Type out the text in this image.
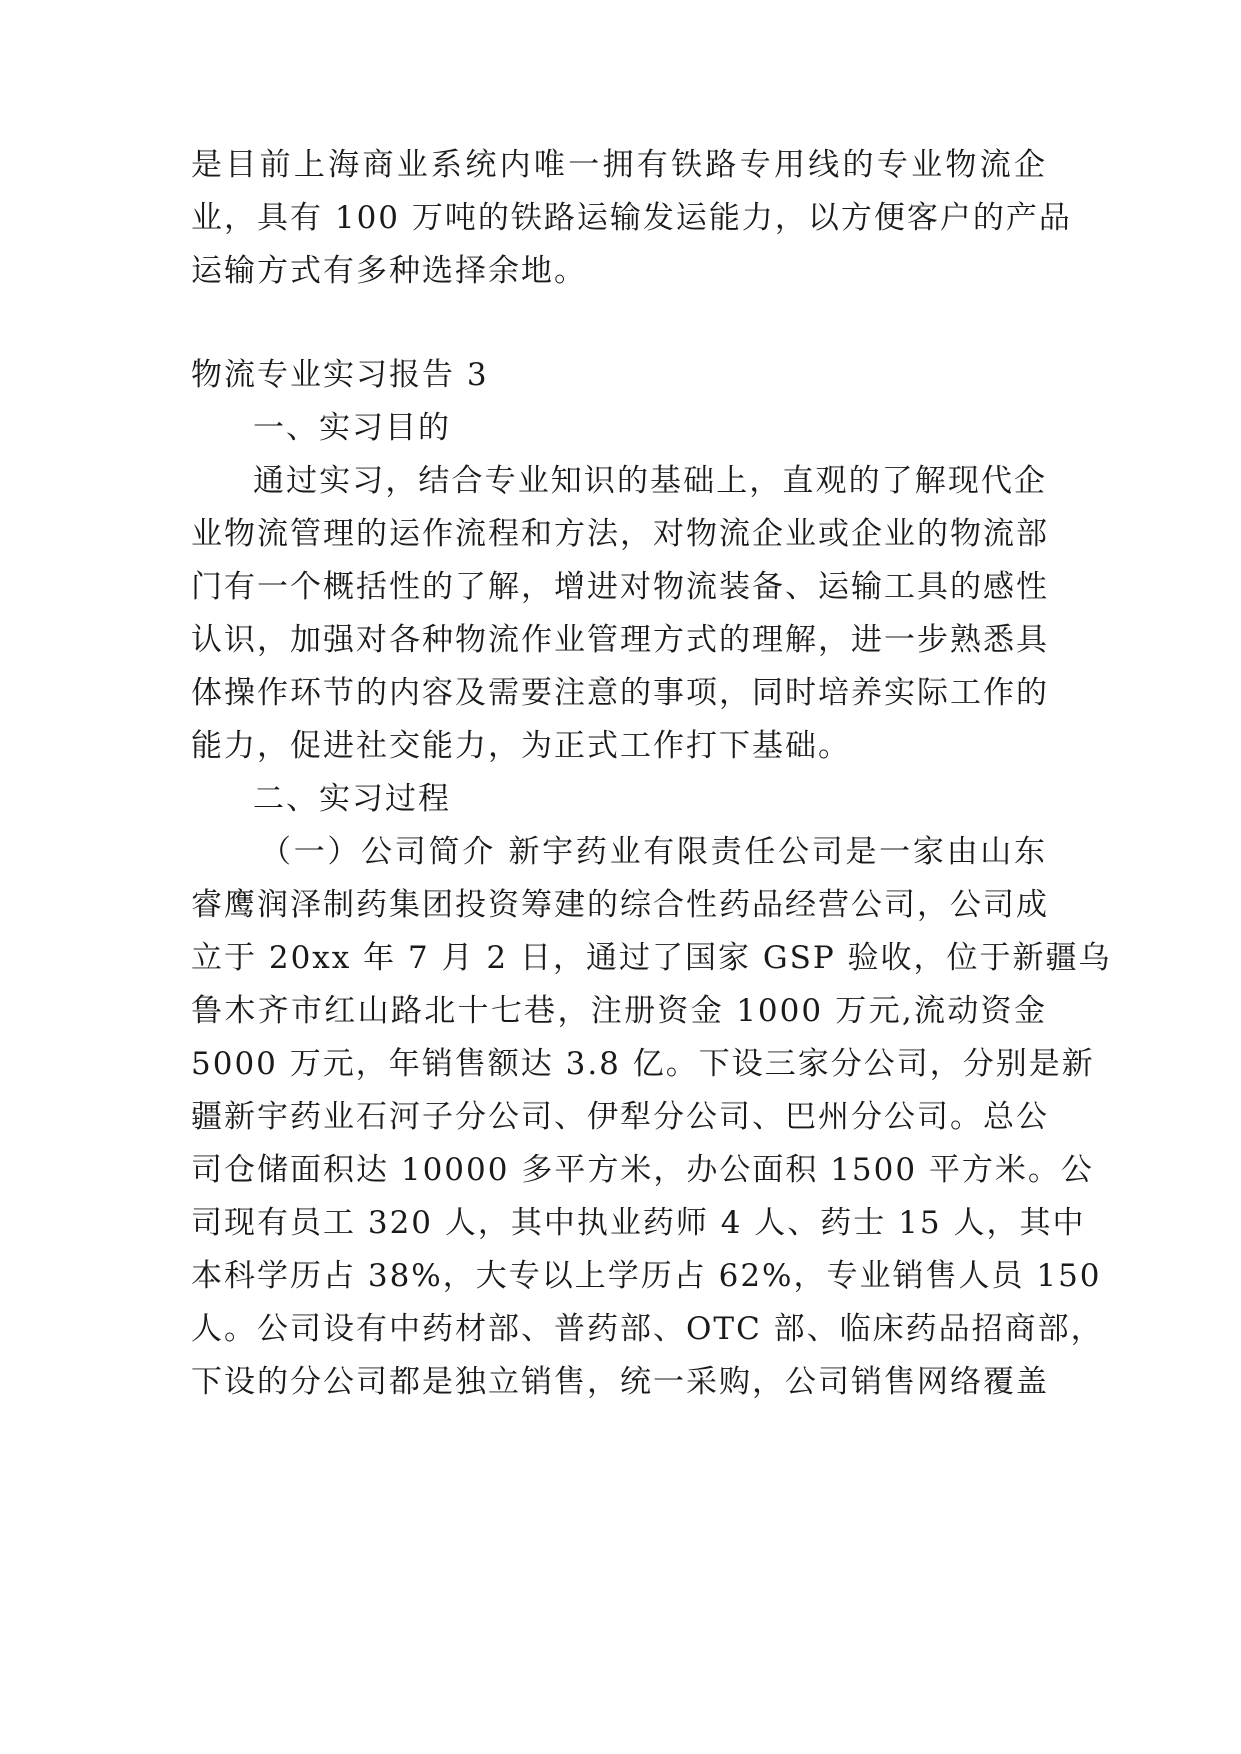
是目前上海商业系统内唯一拥有铁路专用线的专业物流企
业，具有 100 万吨的铁路运输发运能力，以方便客户的产品
运输方式有多种选择余地。
物流专业实习报告 3
一、实习目的
通过实习，结合专业知识的基础上，直观的了解现代企
业物流管理的运作流程和方法，对物流企业或企业的物流部
门有一个概括性的了解，增进对物流装备、运输工具的感性
认识，加强对各种物流作业管理方式的理解，进一步熟悉具
体操作环节的内容及需要注意的事项，同时培养实际工作的
能力，促进社交能力，为正式工作打下基础。
二、实习过程
（一）公司简介 新宇药业有限责任公司是一家由山东
睿鹰润泽制药集团投资筹建的综合性药品经营公司，公司成
立于 20xx 年 7 月 2 日，通过了国家 GSP 验收，位于新疆乌
鲁木齐市红山路北十七巷，注册资金 1000 万元,流动资金
5000 万元，年销售额达 3.8 亿。下设三家分公司，分别是新
疆新宇药业石河子分公司、伊犁分公司、巴州分公司。总公
司仓储面积达 10000 多平方米，办公面积 1500 平方米。公
司现有员工 320 人，其中执业药师 4 人、药士 15 人，其中
本科学历占 38%，大专以上学历占 62%，专业销售人员 150
人。公司设有中药材部、普药部、OTC 部、临床药品招商部，
下设的分公司都是独立销售，统一采购，公司销售网络覆盖
